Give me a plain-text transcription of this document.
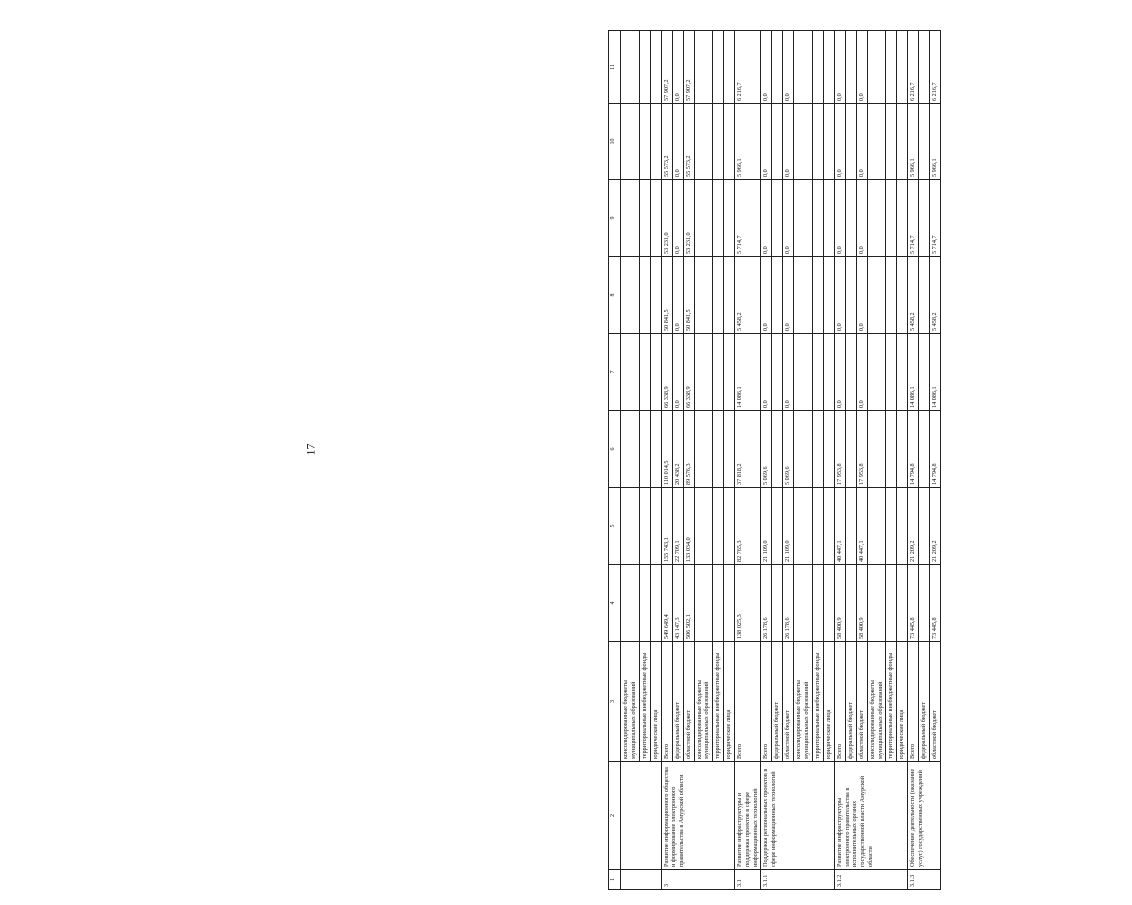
17
1	2	3	4	5	6	7	8	9	10	11
		консолидированные бюджеты муниципальных образований								
		территориальные внебюджетные фонды								
		юридические лица								
3	Развитие информационного общества и формирование электронного правительства в Амурской области	Всего	549 649,4	155 743,1	110 014,5	66 338,9	50 841,5	53 231,0	55 573,2	57 907,2
		федеральный бюджет	43 147,3	22 709,1	20 438,2	0,0	0,0	0,0	0,0	0,0
		областной бюджет	506 502,1	133 034,0	89 576,3	66 338,9	50 841,5	53 231,0	55 573,2	57 907,2
		консолидированные бюджеты муниципальных образований								
		территориальные внебюджетные фонды								
		юридические лица								
3.1	Развитие инфраструктуры и поддержка проектов в сфере информационных технологий	Всего	138 025,3	82 765,3	37 818,2	14 086,1	5 458,2	5 714,7	5 966,1	6 216,7
3.1.1	Поддержка региональных проектов в сфере информационных технологий	Всего	26 178,6	21 109,0	5 069,6	0,0	0,0	0,0	0,0	0,0
		федеральный бюджет								
		областной бюджет	26 178,6	21 109,0	5 069,6	0,0	0,0	0,0	0,0	0,0
		консолидированные бюджеты муниципальных образований								
		территориальные внебюджетные фонды								
		юридические лица								
3.1.2	Развитие инфраструктуры электронного правительства в исполнительных органах государственной власти Амурской области	Всего	58 400,9	40 447,1	17 953,8	0,0	0,0	0,0	0,0	0,0
		федеральный бюджет								
		областной бюджет	58 400,9	40 447,1	17 953,8	0,0	0,0	0,0	0,0	0,0
		консолидированные бюджеты муниципальных образований								
		территориальные внебюджетные фонды								
		юридические лица								
3.1.3	Обеспечение деятельности (оказание услуг) государственных учреждений	Всего	73 445,8	21 209,2	14 794,8	14 086,1	5 458,2	5 714,7	5 966,1	6 216,7
		федеральный бюджет								
		областной бюджет	73 445,8	21 209,2	14 794,8	14 086,1	5 458,2	5 714,7	5 966,1	6 216,7
